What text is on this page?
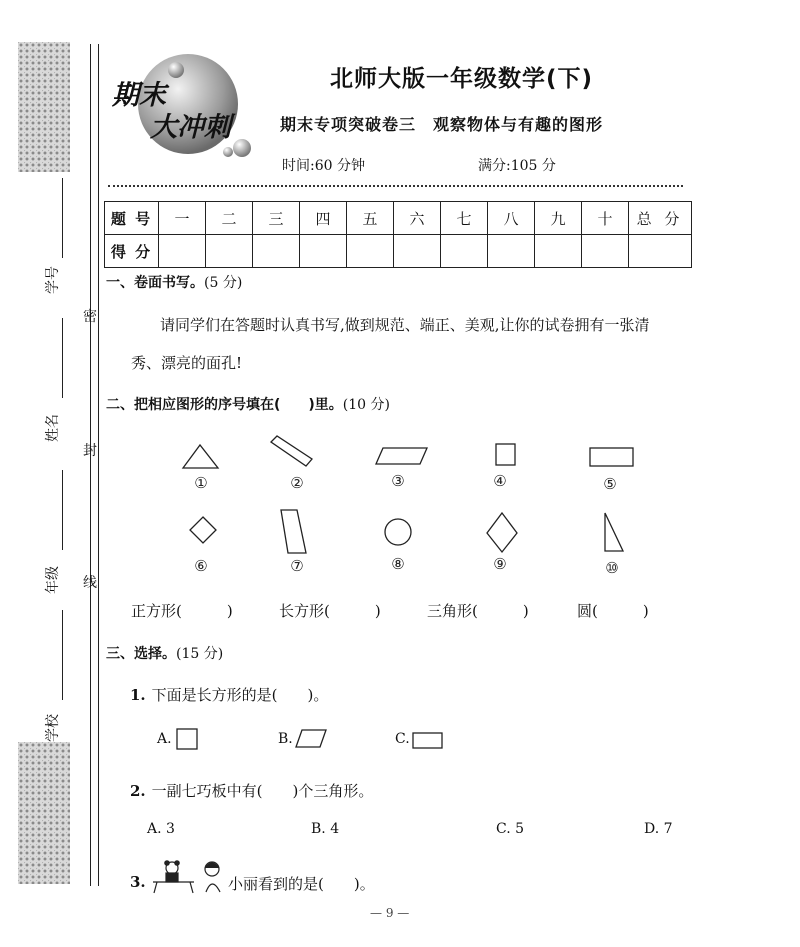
学号
姓名
年级
学校
密
封
线
期末
大冲刺
北师大版一年级数学(下)
期末专项突破卷三　观察物体与有趣的图形
时间:60 分钟	满分:105 分
题 号	一	二	三	四	五	六	七	八	九	十	总 分
得 分											
一、卷面书写。(5 分)
请同学们在答题时认真书写,做到规范、端正、美观,让你的试卷拥有一张清
秀、漂亮的面孔!
二、把相应图形的序号填在(　　)里。(10 分)
①	②	③	④	⑤
⑥	⑦	⑧	⑨	⑩
正方形(　　　)	长方形(　　　)	三角形(　　　)	圆(　　　)
三、选择。(15 分)
1. 下面是长方形的是(　　)。
A.	B.	C.
2. 一副七巧板中有(　　)个三角形。
A. 3	B. 4	C. 5	D. 7
3.	小丽看到的是(　　)。
— 9 —
